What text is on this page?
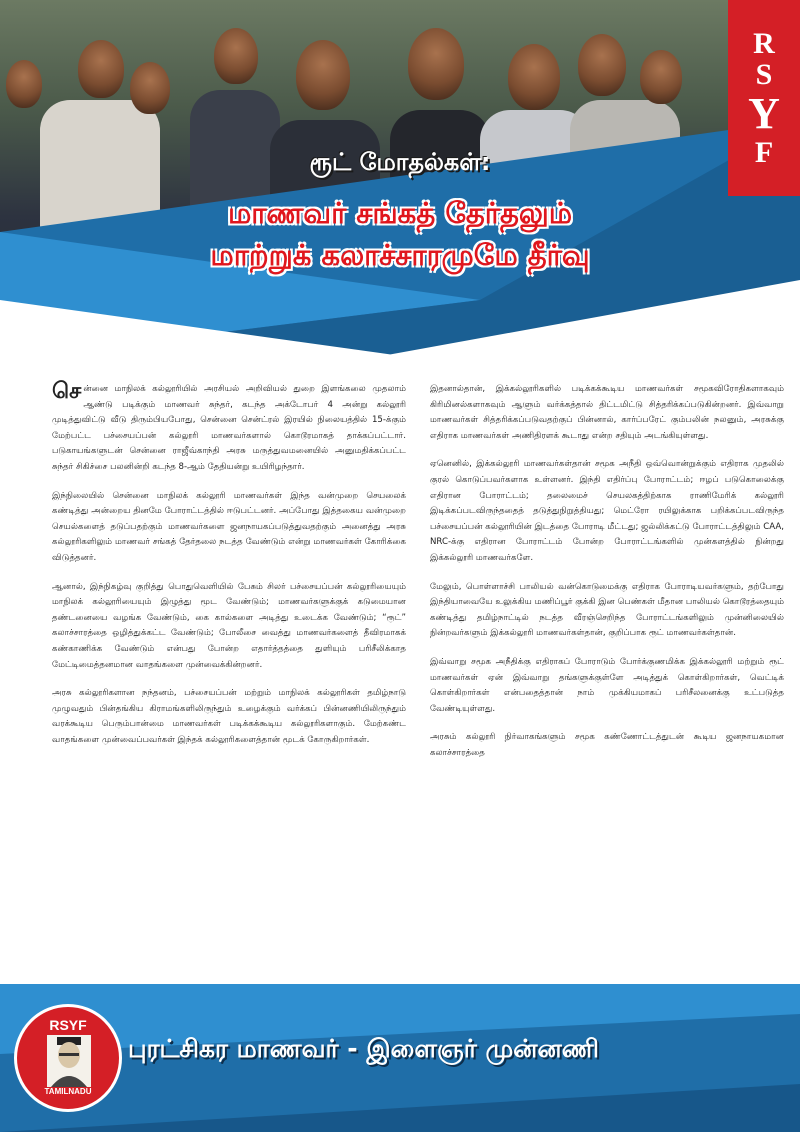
R
S
Y
F
ரூட் மோதல்கள்:
மாணவர் சங்கத் தேர்தலும்
மாற்றுக் கலாச்சாரமுமே தீர்வு

சென்னை மாநிலக் கல்லூரியில் அரசியல் அறிவியல் துறை இளங்கலை முதலாம் ஆண்டு படிக்கும் மாணவர் சுந்தர், கடந்த அக்டோபர் 4 அன்று கல்லூரி முடித்துவிட்டு வீடு திரும்பியபோது, சென்னை சென்ட்ரல் இரயில் நிலையத்தில் 15-க்கும் மேற்பட்ட பச்சையப்பன் கல்லூரி மாணவர்களால் கொடூரமாகத் தாக்கப்பட்டார். படுகாயங்களுடன் சென்னை ராஜீவ்காந்தி அரசு மருத்துவமனையில் அனுமதிக்கப்பட்ட சுந்தர் சிகிச்சை பலனின்றி கடந்த 8-ஆம் தேதியன்று உயிரிழந்தார்.

இந்நிலையில் சென்னை மாநிலக் கல்லூரி மாணவர்கள் இந்த வன்முறை செயலைக் கண்டித்து அன்றைய தினமே போராட்டத்தில் ஈடுபட்டனர். அப்போது இத்தகைய வன்முறை செயல்களைத் தடுப்பதற்கும் மாணவர்களை ஜனநாயகப்படுத்துவதற்கும் அனைத்து அரசு கல்லூரிகளிலும் மாணவர் சங்கத் தேர்தலை நடத்த வேண்டும் என்று மாணவர்கள் கோரிக்கை விடுத்தனர்.

ஆனால், இந்நிகழ்வு குறித்து பொதுவெளியில் பேசும் சிலர் பச்சையப்பன் கல்லூரியையும் மாநிலக் கல்லூரியையும் இழுத்து மூட வேண்டும்; மாணவர்களுக்குக் கடுமையான தண்டனையை வழங்க வேண்டும், கை கால்களை அடித்து உடைக்க வேண்டும்; “ரூட்” கலாச்சாரத்தை ஒழித்துக்கட்ட வேண்டும்; போலீசை வைத்து மாணவர்களைத் தீவிரமாகக் கண்காணிக்க வேண்டும் என்பது போன்ற எதார்த்தத்தை துளியும் பரிசீலிக்காத மேட்டிமைத்தனமான வாதங்களை முன்வைக்கின்றனர்.

அரசு கல்லூரிகளான நந்தனம், பச்சையப்பன் மற்றும் மாநிலக் கல்லூரிகள் தமிழ்நாடு முழுவதும் பின்தங்கிய கிராமங்களிலிருந்தும் உழைக்கும் வர்க்கப் பின்னணியிலிருந்தும் வரக்கூடிய பெரும்பான்மை மாணவர்கள் படிக்கக்கூடிய கல்லூரிகளாகும். மேற்கண்ட வாதங்களை முன்வைப்பவர்கள் இந்தக் கல்லூரிகளைத்தான் மூடக் கோருகிறார்கள்.

இதனால்தான், இக்கல்லூரிகளில் படிக்கக்கூடிய மாணவர்கள் சமூகவிரோதிகளாகவும் கிரிமினல்களாகவும் ஆளும் வர்க்கத்தால் திட்டமிட்டு சித்தரிக்கப்படுகின்றனர். இவ்வாறு மாணவர்கள் சித்தரிக்கப்படுவதற்குப் பின்னால், கார்ப்பரேட் கும்பலின் நலனும், அரசுக்கு எதிராக மாணவர்கள் அணிதிரளக் கூடாது என்ற சதியும் அடங்கியுள்ளது.

ஏனெனில், இக்கல்லூரி மாணவர்கள்தான் சமூக அநீதி ஒவ்வொன்றுக்கும் எதிராக முதலில் குரல் கொடுப்பவர்களாக உள்ளனர். இந்தி எதிர்ப்பு போராட்டம்; ஈழப் படுகொலைக்கு எதிரான போராட்டம்; தலைமைச் செயலகத்திற்காக ராணிமேரிக் கல்லூரி இடிக்கப்படவிருந்ததைத் தடுத்துநிறுத்தியது; மெட்ரோ ரயிலுக்காக பறிக்கப்படவிருந்த பச்சையப்பன் கல்லூரியின் இடத்தை போராடி மீட்டது; ஜல்லிக்கட்டு போராட்டத்திலும் CAA, NRC-க்கு எதிரான போராட்டம் போன்ற போராட்டங்களில் முன்களத்தில் நின்றது இக்கல்லூரி மாணவர்களே.

மேலும், பொள்ளாச்சி பாலியல் வன்கொடுமைக்கு எதிராக போராடியவர்களும், தற்போது இந்தியாவையே உலுக்கிய மணிப்பூர் குக்கி இன பெண்கள் மீதான பாலியல் கொடூரத்தையும் கண்டித்து தமிழ்நாட்டில் நடத்த வீரஞ்செறிந்த போராட்டங்களிலும் முன்னிலையில் நின்றவர்களும் இக்கல்லூரி மாணவர்கள்தான், குறிப்பாக ரூட் மாணவர்கள்தான்.

இவ்வாறு சமூக அநீதிக்கு எதிராகப் போராடும் போர்க்குணமிக்க இக்கல்லூரி மற்றும் ரூட் மாணவர்கள் ஏன் இவ்வாறு தங்களுக்குள்ளே அடித்துக் கொள்கிறார்கள், வெட்டிக் கொள்கிறார்கள் என்பதைத்தான் நாம் முக்கியமாகப் பரிசீலனைக்கு உட்படுத்த வேண்டியுள்ளது.

அரசும் கல்லூரி நிர்வாகங்களும் சமூக கண்ணோட்டத்துடன் கூடிய ஜனநாயகமான கலாச்சாரத்தை

RSYF
TAMILNADU
புரட்சிகர மாணவர் - இளைஞர் முன்னணி
